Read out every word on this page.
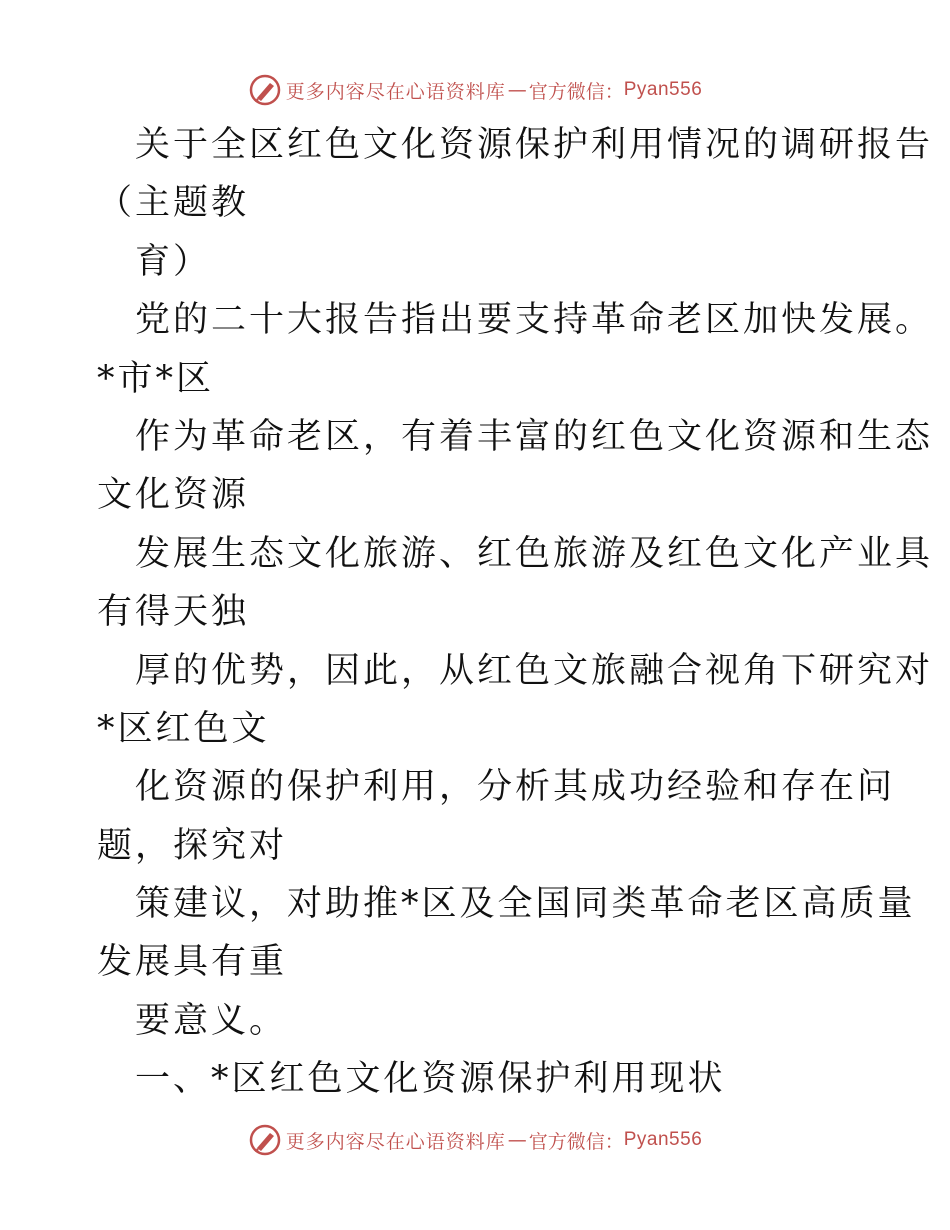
更多内容尽在心语资料库 — 官方微信： Pyan556
关于全区红色文化资源保护利用情况的调研报告
（主题教
育）
党的二十大报告指出要支持革命老区加快发展。
*市*区
作为革命老区，有着丰富的红色文化资源和生态
文化资源
发展生态文化旅游、红色旅游及红色文化产业具
有得天独
厚的优势，因此，从红色文旅融合视角下研究对
*区红色文
化资源的保护利用，分析其成功经验和存在问
题，探究对
策建议，对助推*区及全国同类革命老区高质量
发展具有重
要意义。
一、*区红色文化资源保护利用现状
更多内容尽在心语资料库 — 官方微信： Pyan556
